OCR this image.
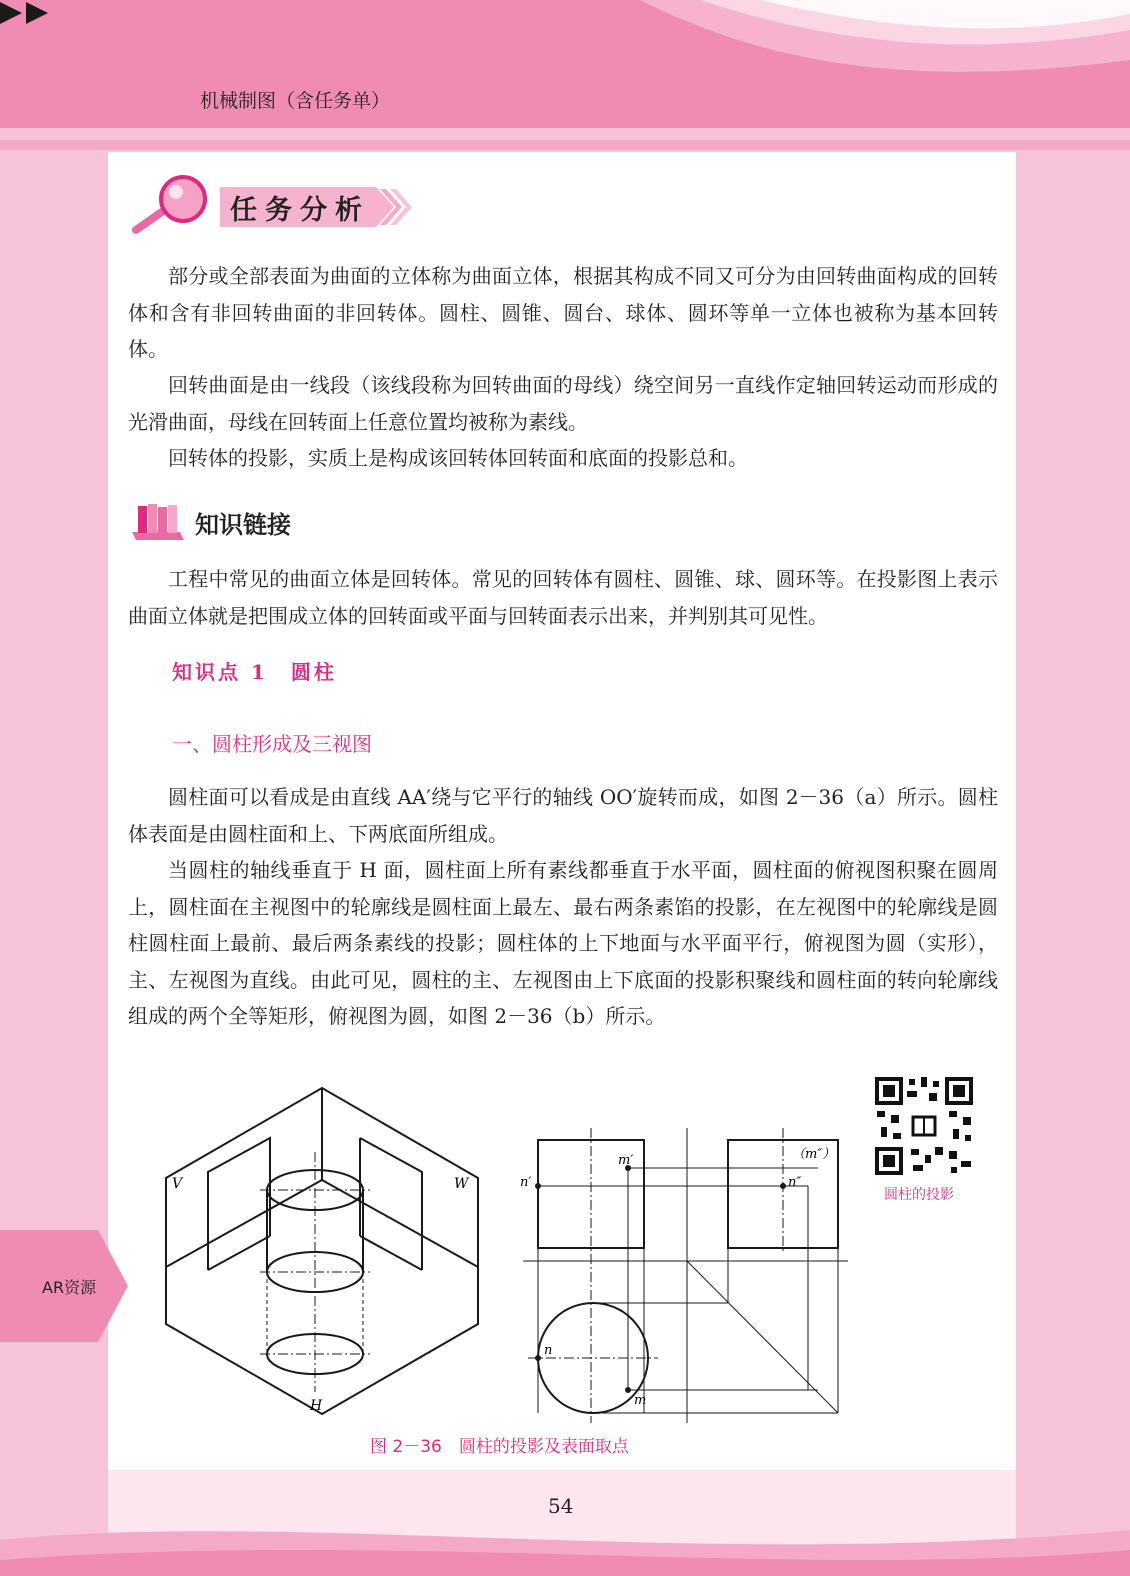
机械制图（含任务单）
任务分析

部分或全部表面为曲面的立体称为曲面立体，根据其构成不同又可分为由回转曲面构成的回转体和含有非回转曲面的非回转体。圆柱、圆锥、圆台、球体、圆环等单一立体也被称为基本回转体。

回转曲面是由一线段（该线段称为回转曲面的母线）绕空间另一直线作定轴回转运动而形成的光滑曲面，母线在回转面上任意位置均被称为素线。

回转体的投影，实质上是构成该回转体回转面和底面的投影总和。

知识链接

工程中常见的曲面立体是回转体。常见的回转体有圆柱、圆锥、球、圆环等。在投影图上表示曲面立体就是把围成立体的回转面或平面与回转面表示出来，并判别其可见性。

知识点 1　圆柱
一、圆柱形成及三视图

圆柱面可以看成是由直线 AA′绕与它平行的轴线 OO′旋转而成，如图 2－36（a）所示。圆柱体表面是由圆柱面和上、下两底面所组成。

当圆柱的轴线垂直于 H 面，圆柱面上所有素线都垂直于水平面，圆柱面的俯视图积聚在圆周上，圆柱面在主视图中的轮廓线是圆柱面上最左、最右两条素馅的投影，在左视图中的轮廓线是圆柱圆柱面上最前、最后两条素线的投影；圆柱体的上下地面与水平面平行，俯视图为圆（实形），主、左视图为直线。由此可见，圆柱的主、左视图由上下底面的投影积聚线和圆柱面的转向轮廓线组成的两个全等矩形，俯视图为圆，如图 2－36（b）所示。

V	W
H
m′
n′
（m″）
n″
n
m
图 2－36　圆柱的投影及表面取点
圆柱的投影
AR资源
54
